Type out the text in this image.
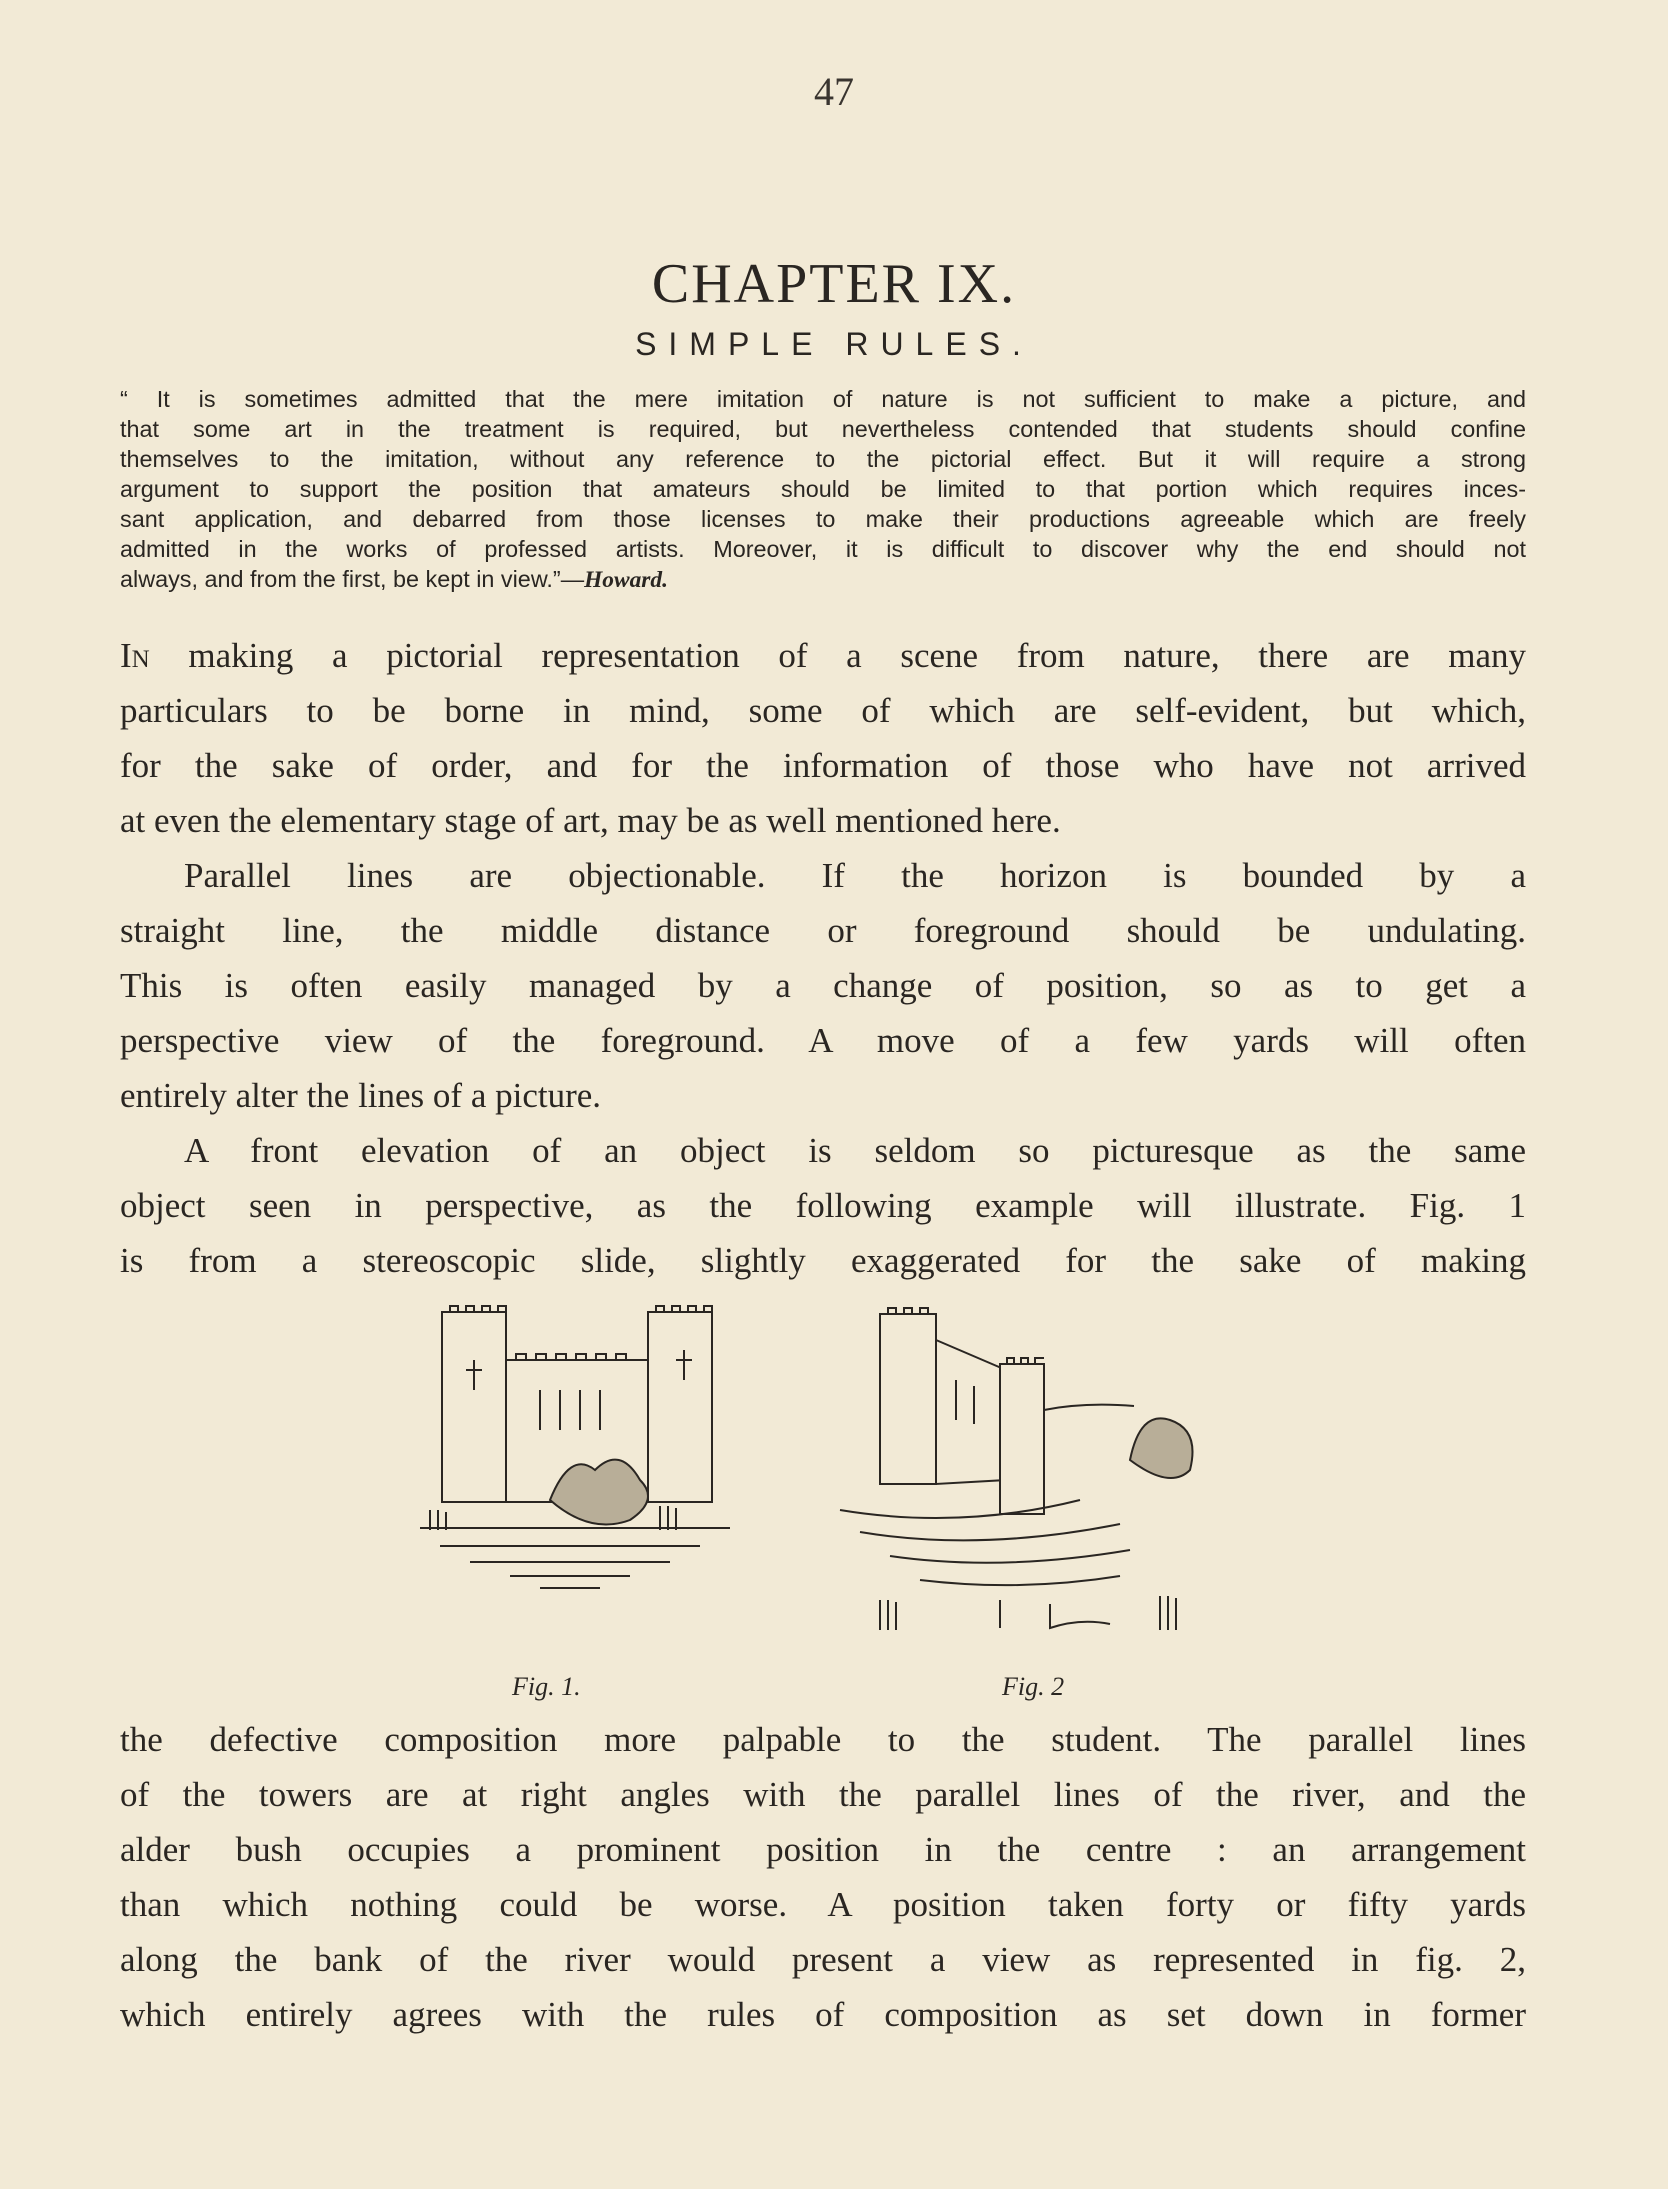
47
CHAPTER IX.
SIMPLE RULES.
“ It is sometimes admitted that the mere imitation of nature is not sufficient to make a picture, and
that some art in the treatment is required, but nevertheless contended that students should confine
themselves to the imitation, without any reference to the pictorial effect. But it will require a strong
argument to support the position that amateurs should be limited to that portion which requires inces-
sant application, and debarred from those licenses to make their productions agreeable which are freely
admitted in the works of professed artists. Moreover, it is difficult to discover why the end should not
always, and from the first, be kept in view.”—Howard.
In making a pictorial representation of a scene from nature, there are many
particulars to be borne in mind, some of which are self-evident, but which,
for the sake of order, and for the information of those who have not arrived
at even the elementary stage of art, may be as well mentioned here.
Parallel lines are objectionable. If the horizon is bounded by a
straight line, the middle distance or foreground should be undulating.
This is often easily managed by a change of position, so as to get a
perspective view of the foreground. A move of a few yards will often
entirely alter the lines of a picture.
A front elevation of an object is seldom so picturesque as the same
object seen in perspective, as the following example will illustrate. Fig. 1
is from a stereoscopic slide, slightly exaggerated for the sake of making
Fig. 1.	Fig. 2
the defective composition more palpable to the student. The parallel lines
of the towers are at right angles with the parallel lines of the river, and the
alder bush occupies a prominent position in the centre : an arrangement
than which nothing could be worse. A position taken forty or fifty yards
along the bank of the river would present a view as represented in fig. 2,
which entirely agrees with the rules of composition as set down in former
